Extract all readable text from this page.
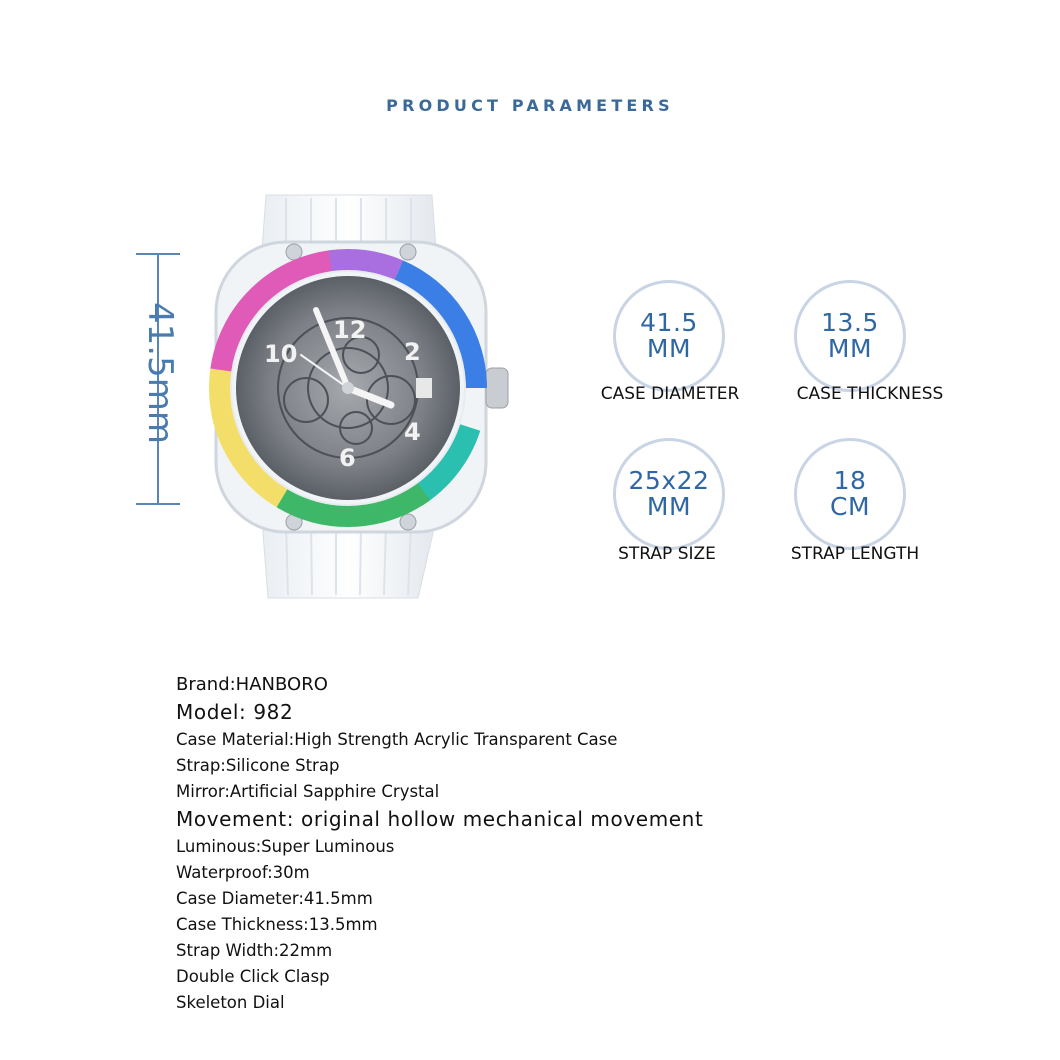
PRODUCT PARAMETERS
12
2
4
6
10
41.5mm	41.5
MM
CASE DIAMETER
13.5
MM
CASE THICKNESS
25x22
MM
STRAP SIZE
18
CM
STRAP LENGTH
Brand:HANBORO
Model: 982
Case Material:High Strength Acrylic Transparent Case
Strap:Silicone Strap
Mirror:Artificial Sapphire Crystal
Movement: original hollow mechanical movement
Luminous:Super Luminous
Waterproof:30m
Case Diameter:41.5mm
Case Thickness:13.5mm
Strap Width:22mm
Double Click Clasp
Skeleton Dial
